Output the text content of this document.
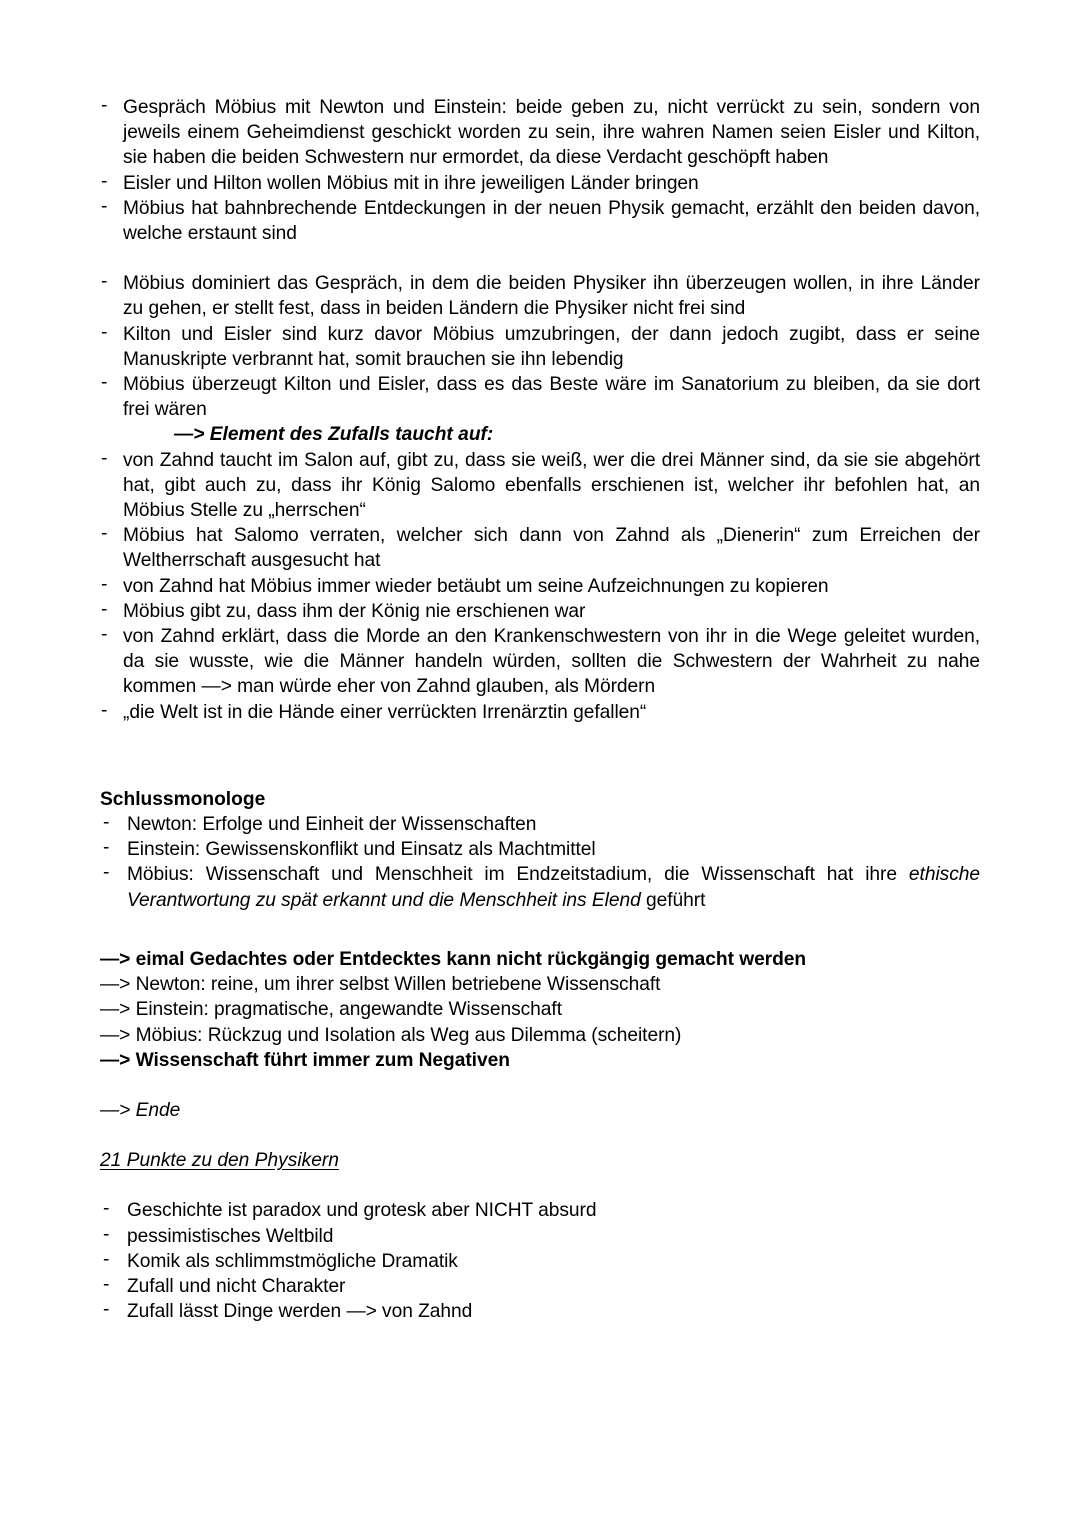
- Gespräch Möbius mit Newton und Einstein: beide geben zu, nicht verrückt zu sein, sondern von jeweils einem Geheimdienst geschickt worden zu sein, ihre wahren Namen seien Eisler und Kilton, sie haben die beiden Schwestern nur ermordet, da diese Verdacht geschöpft haben
- Eisler und Hilton wollen Möbius mit in ihre jeweiligen Länder bringen
- Möbius hat bahnbrechende Entdeckungen in der neuen Physik gemacht, erzählt den beiden davon, welche erstaunt sind
- Möbius dominiert das Gespräch, in dem die beiden Physiker ihn überzeugen wollen, in ihre Länder zu gehen, er stellt fest, dass in beiden Ländern die Physiker nicht frei sind
- Kilton und Eisler sind kurz davor Möbius umzubringen, der dann jedoch zugibt, dass er seine Manuskripte verbrannt hat, somit brauchen sie ihn lebendig
- Möbius überzeugt Kilton und Eisler, dass es das Beste wäre im Sanatorium zu bleiben, da sie dort frei wären
—> Element des Zufalls taucht auf:
- von Zahnd taucht im Salon auf, gibt zu, dass sie weiß, wer die drei Männer sind, da sie sie abgehört hat, gibt auch zu, dass ihr König Salomo ebenfalls erschienen ist, welcher ihr befohlen hat, an Möbius Stelle zu „herrschen“
- Möbius hat Salomo verraten, welcher sich dann von Zahnd als „Dienerin“ zum Erreichen der Weltherrschaft ausgesucht hat
- von Zahnd hat Möbius immer wieder betäubt um seine Aufzeichnungen zu kopieren
- Möbius gibt zu, dass ihm der König nie erschienen war
- von Zahnd erklärt, dass die Morde an den Krankenschwestern von ihr in die Wege geleitet wurden, da sie wusste, wie die Männer handeln würden, sollten die Schwestern der Wahrheit zu nahe kommen —> man würde eher von Zahnd glauben, als Mördern
- „die Welt ist in die Hände einer verrückten Irrenärztin gefallen“
Schlussmonologe
- Newton: Erfolge und Einheit der Wissenschaften
- Einstein: Gewissenskonflikt und Einsatz als Machtmittel
- Möbius: Wissenschaft und Menschheit im Endzeitstadium, die Wissenschaft hat ihre ethische Verantwortung zu spät erkannt und die Menschheit ins Elend geführt
—> eimal Gedachtes oder Entdecktes kann nicht rückgängig gemacht werden
—> Newton: reine, um ihrer selbst Willen betriebene Wissenschaft
—> Einstein: pragmatische, angewandte Wissenschaft
—> Möbius: Rückzug und Isolation als Weg aus Dilemma (scheitern)
—> Wissenschaft führt immer zum Negativen
—> Ende
21 Punkte zu den Physikern
- Geschichte ist paradox und grotesk aber NICHT absurd
- pessimistisches Weltbild
- Komik als schlimmstmögliche Dramatik
- Zufall und nicht Charakter
- Zufall lässt Dinge werden —> von Zahnd
